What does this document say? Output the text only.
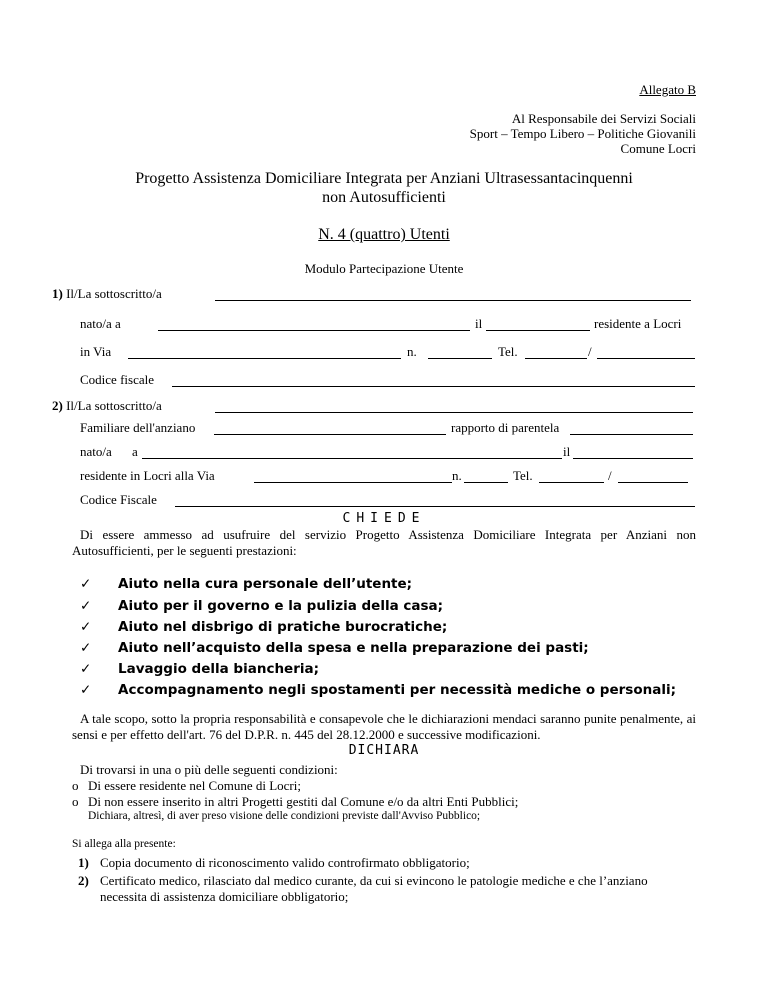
Allegato B
Al Responsabile dei Servizi Sociali
Sport – Tempo Libero – Politiche Giovanili
Comune Locri
Progetto Assistenza Domiciliare Integrata per Anziani Ultrasessantacinquenni
non Autosufficienti
N. 4 (quattro) Utenti
Modulo Partecipazione Utente
1) Il/La sottoscritto/a
nato/a a	il	residente a Locri
in Via	n.	Tel.	/
Codice fiscale
2) Il/La sottoscritto/a
Familiare dell'anziano	rapporto di parentela
nato/a a	il
residente in Locri alla Via	n.	Tel.	/
Codice Fiscale
CHIEDE
Di essere ammesso ad usufruire del servizio Progetto Assistenza Domiciliare Integrata per Anziani non Autosufficienti, per le seguenti prestazioni:
✓ Aiuto nella cura personale dell’utente;
✓ Aiuto per il governo e la pulizia della casa;
✓ Aiuto nel disbrigo di pratiche burocratiche;
✓ Aiuto nell’acquisto della spesa e nella preparazione dei pasti;
✓ Lavaggio della biancheria;
✓ Accompagnamento negli spostamenti per necessità mediche o personali;
A tale scopo, sotto la propria responsabilità e consapevole che le dichiarazioni mendaci saranno punite penalmente, ai sensi e per effetto dell'art. 76 del D.P.R. n. 445 del 28.12.2000 e successive modificazioni.
DICHIARA
Di trovarsi in una o più delle seguenti condizioni:
o Di essere residente nel Comune di Locri;
o Di non essere inserito in altri Progetti gestiti dal Comune e/o da altri Enti Pubblici;
Dichiara, altresì, di aver preso visione delle condizioni previste dall'Avviso Pubblico;
Si allega alla presente:
1) Copia documento di riconoscimento valido controfirmato obbligatorio;
2) Certificato medico, rilasciato dal medico curante, da cui si evincono le patologie mediche e che l’anziano
necessita di assistenza domiciliare obbligatorio;
